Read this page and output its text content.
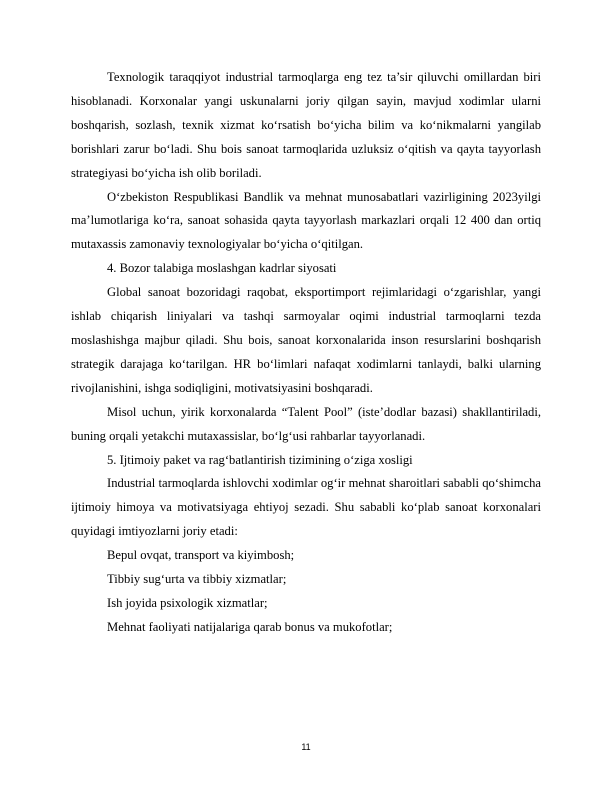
Texnologik taraqqiyot industrial tarmoqlarga eng tez ta’sir qiluvchi omillardan biri hisoblanadi. Korxonalar yangi uskunalarni joriy qilgan sayin, mavjud xodimlar ularni boshqarish, sozlash, texnik xizmat ko‘rsatish bo‘yicha bilim va ko‘nikmalarni yangilab borishlari zarur bo‘ladi. Shu bois sanoat tarmoqlarida uzluksiz o‘qitish va qayta tayyorlash strategiyasi bo‘yicha ish olib boriladi.

O‘zbekiston Respublikasi Bandlik va mehnat munosabatlari vazirligining 2023yilgi ma’lumotlariga ko‘ra, sanoat sohasida qayta tayyorlash markazlari orqali 12 400 dan ortiq mutaxassis zamonaviy texnologiyalar bo‘yicha o‘qitilgan.

4. Bozor talabiga moslashgan kadrlar siyosati

Global sanoat bozoridagi raqobat, eksportimport rejimlaridagi o‘zgarishlar, yangi ishlab chiqarish liniyalari va tashqi sarmoyalar oqimi industrial tarmoqlarni tezda moslashishga majbur qiladi. Shu bois, sanoat korxonalarida inson resurslarini boshqarish strategik darajaga ko‘tarilgan. HR bo‘limlari nafaqat xodimlarni tanlaydi, balki ularning rivojlanishini, ishga sodiqligini, motivatsiyasini boshqaradi.

Misol uchun, yirik korxonalarda “Talent Pool” (iste’dodlar bazasi) shakllantiriladi, buning orqali yetakchi mutaxassislar, bo‘lg‘usi rahbarlar tayyorlanadi.

5. Ijtimoiy paket va rag‘batlantirish tizimining o‘ziga xosligi

Industrial tarmoqlarda ishlovchi xodimlar og‘ir mehnat sharoitlari sababli qo‘shimcha ijtimoiy himoya va motivatsiyaga ehtiyoj sezadi. Shu sababli ko‘plab sanoat korxonalari quyidagi imtiyozlarni joriy etadi:

Bepul ovqat, transport va kiyimbosh;

Tibbiy sug‘urta va tibbiy xizmatlar;

Ish joyida psixologik xizmatlar;

Mehnat faoliyati natijalariga qarab bonus va mukofotlar;

11
